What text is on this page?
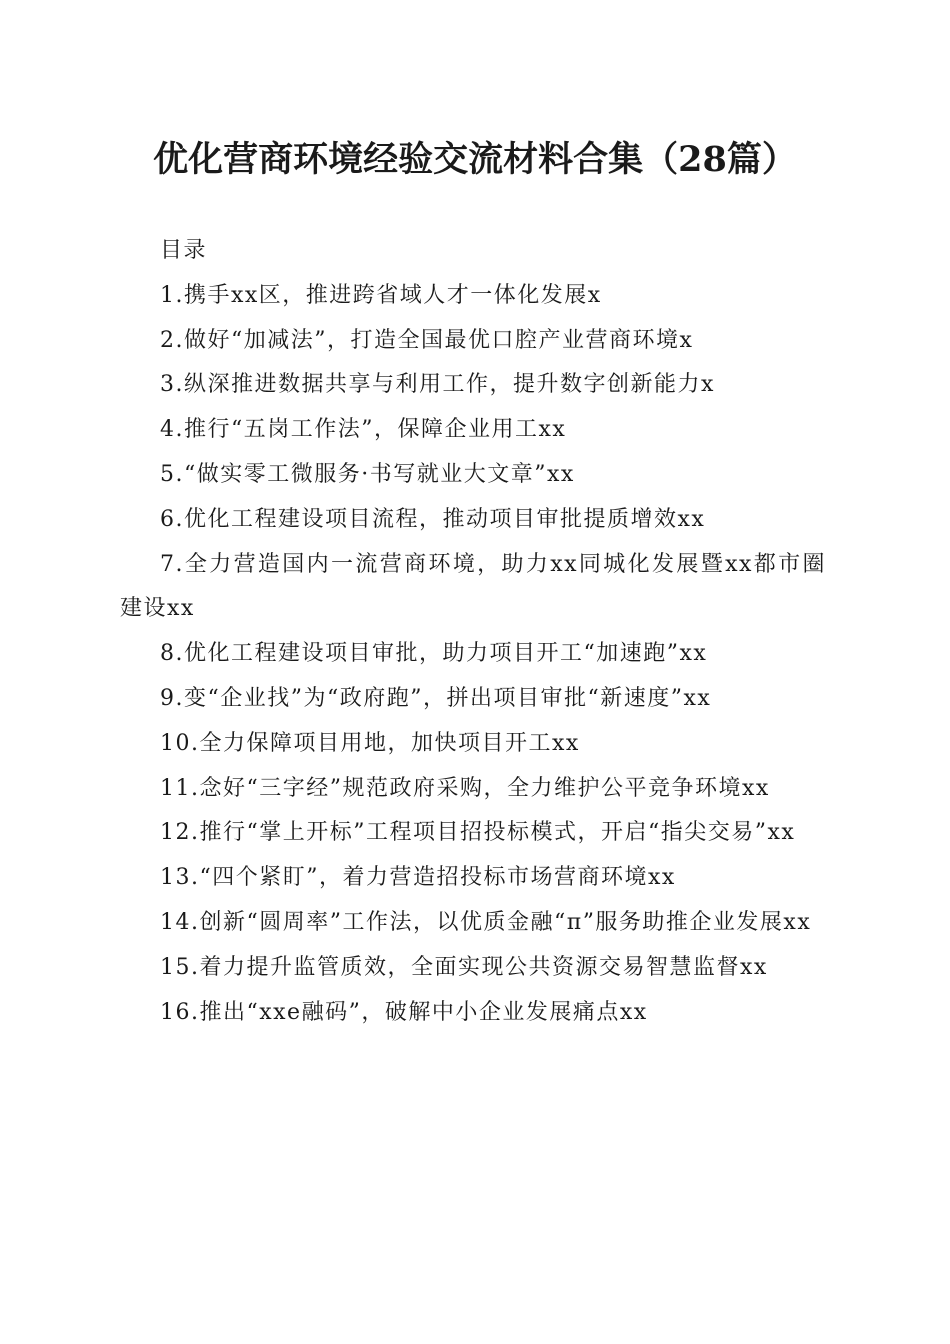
优化营商环境经验交流材料合集（28篇）

目录

1.携手xx区，推进跨省域人才一体化发展x
2.做好“加减法”，打造全国最优口腔产业营商环境x
3.纵深推进数据共享与利用工作，提升数字创新能力x
4.推行“五岗工作法”，保障企业用工xx
5.“做实零工微服务·书写就业大文章”xx
6.优化工程建设项目流程，推动项目审批提质增效xx
7.全力营造国内一流营商环境，助力xx同城化发展暨xx都市圈建设xx
8.优化工程建设项目审批，助力项目开工“加速跑”xx
9.变“企业找”为“政府跑”，拼出项目审批“新速度”xx
10.全力保障项目用地，加快项目开工xx
11.念好“三字经”规范政府采购，全力维护公平竞争环境xx
12.推行“掌上开标”工程项目招投标模式，开启“指尖交易”xx
13.“四个紧盯”，着力营造招投标市场营商环境xx
14.创新“圆周率”工作法，以优质金融“π”服务助推企业发展xx
15.着力提升监管质效，全面实现公共资源交易智慧监督xx
16.推出“xxe融码”，破解中小企业发展痛点xx
